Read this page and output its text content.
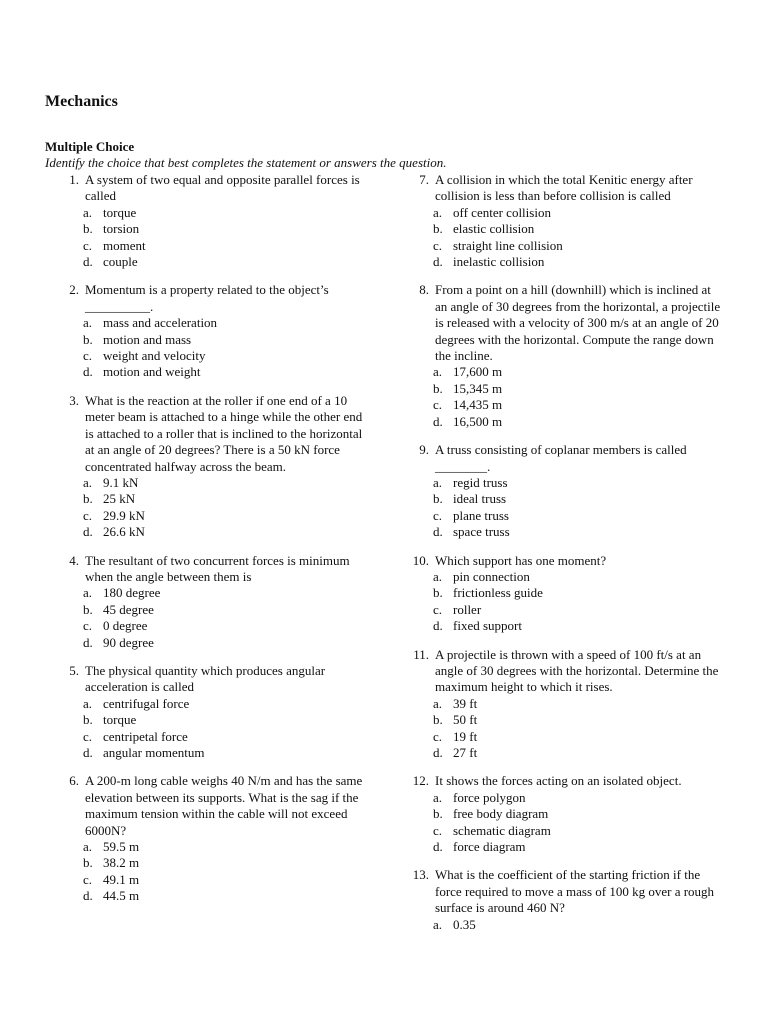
Mechanics
Multiple Choice
Identify the choice that best completes the statement or answers the question.
1. A system of two equal and opposite parallel forces is called
a. torque
b. torsion
c. moment
d. couple
2. Momentum is a property related to the object’s __________.
a. mass and acceleration
b. motion and mass
c. weight and velocity
d. motion and weight
3. What is the reaction at the roller if one end of a 10 meter beam is attached to a hinge while the other end is attached to a roller that is inclined to the horizontal at an angle of 20 degrees? There is a 50 kN force concentrated halfway across the beam.
a. 9.1 kN
b. 25 kN
c. 29.9 kN
d. 26.6 kN
4. The resultant of two concurrent forces is minimum when the angle between them is
a. 180 degree
b. 45 degree
c. 0 degree
d. 90 degree
5. The physical quantity which produces angular acceleration is called
a. centrifugal force
b. torque
c. centripetal force
d. angular momentum
6. A 200-m long cable weighs 40 N/m and has the same elevation between its supports. What is the sag if the maximum tension within the cable will not exceed 6000N?
a. 59.5 m
b. 38.2 m
c. 49.1 m
d. 44.5 m
7. A collision in which the total Kenitic energy after collision is less than before collision is called
a. off center collision
b. elastic collision
c. straight line collision
d. inelastic collision
8. From a point on a hill (downhill) which is inclined at an angle of 30 degrees from the horizontal, a projectile is released with a velocity of 300 m/s at an angle of 20 degrees with the horizontal. Compute the range down the incline.
a. 17,600 m
b. 15,345 m
c. 14,435 m
d. 16,500 m
9. A truss consisting of coplanar members is called ________.
a. regid truss
b. ideal truss
c. plane truss
d. space truss
10. Which support has one moment?
a. pin connection
b. frictionless guide
c. roller
d. fixed support
11. A projectile is thrown with a speed of 100 ft/s at an angle of 30 degrees with the horizontal. Determine the maximum height to which it rises.
a. 39 ft
b. 50 ft
c. 19 ft
d. 27 ft
12. It shows the forces acting on an isolated object.
a. force polygon
b. free body diagram
c. schematic diagram
d. force diagram
13. What is the coefficient of the starting friction if the force required to move a mass of 100 kg over a rough surface is around 460 N?
a. 0.35
